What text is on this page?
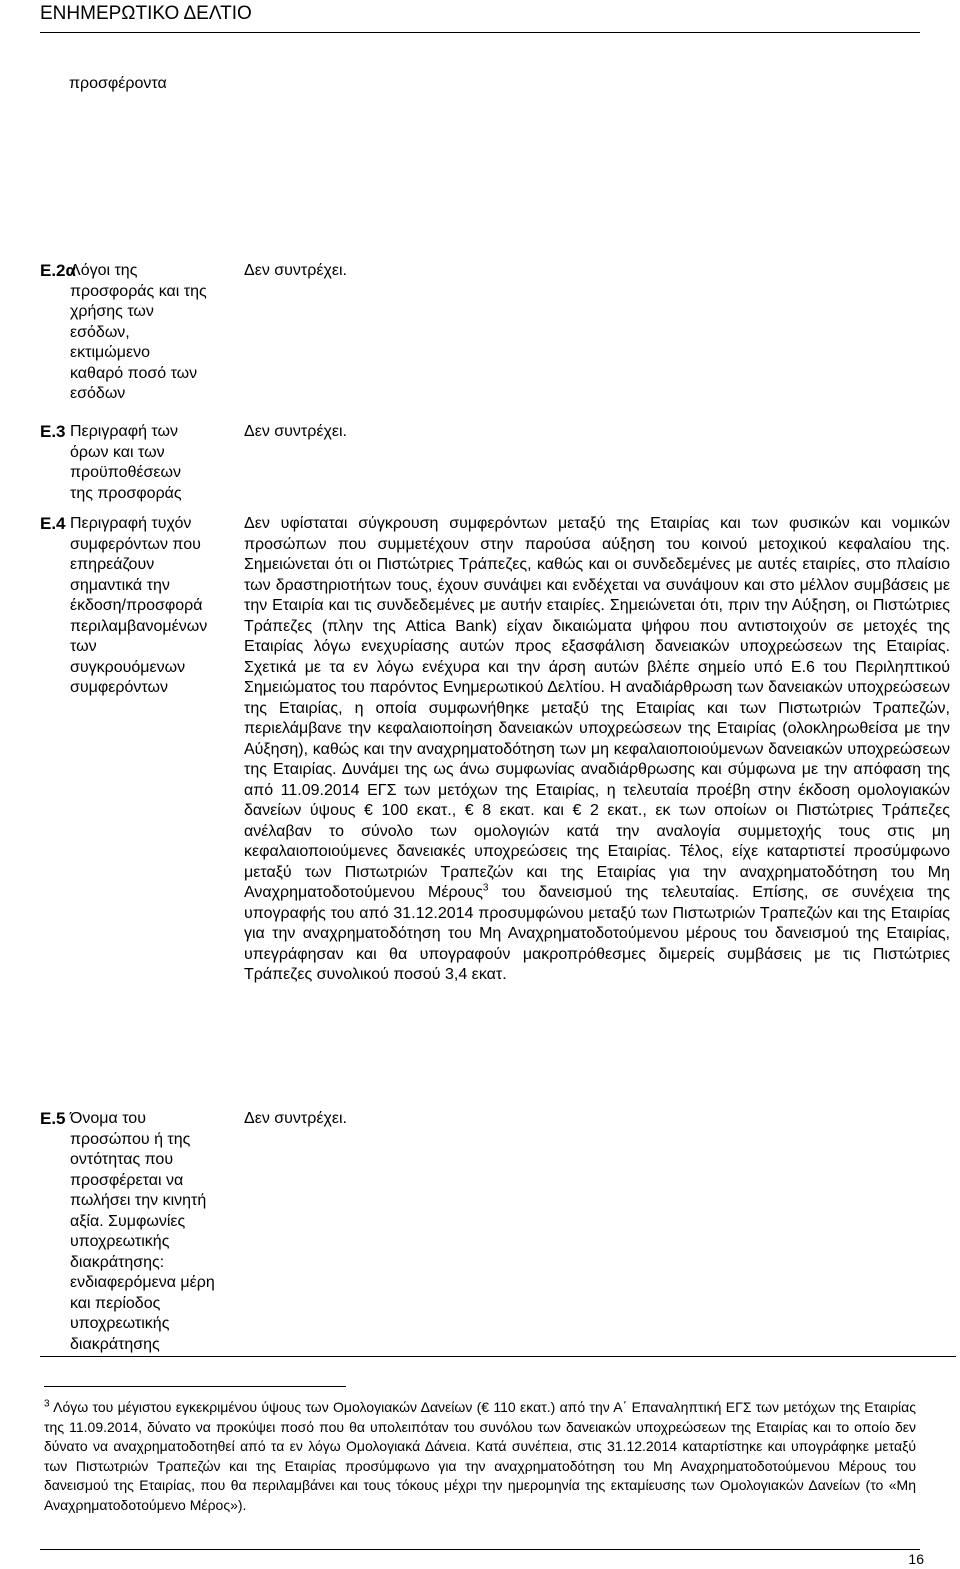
ΕΝΗΜΕΡΩΤΙΚΟ ΔΕΛΤΙΟ
προσφέροντα
E.2α
Λόγοι της
προσφοράς και της
χρήσης των
εσόδων,
εκτιμώμενο
καθαρό ποσό των
εσόδων
Δεν συντρέχει.
E.3 Περιγραφή των
όρων και των
προϋποθέσεων
της προσφοράς
Δεν συντρέχει.
E.4 Περιγραφή τυχόν
συμφερόντων που
επηρεάζουν
σημαντικά την
έκδοση/προσφορά
περιλαμβανομένων
των
συγκρουόμενων
συμφερόντων

Δεν υφίσταται σύγκρουση συμφερόντων μεταξύ της Εταιρίας και των φυσικών και νομικών προσώπων που συμμετέχουν στην παρούσα αύξηση του κοινού μετοχικού κεφαλαίου της. Σημειώνεται ότι οι Πιστώτριες Τράπεζες, καθώς και οι συνδεδεμένες με αυτές εταιρίες, στο πλαίσιο των δραστηριοτήτων τους, έχουν συνάψει και ενδέχεται να συνάψουν και στο μέλλον συμβάσεις με την Εταιρία και τις συνδεδεμένες με αυτήν εταιρίες. Σημειώνεται ότι, πριν την Αύξηση, οι Πιστώτριες Τράπεζες (πλην της Attica Bank) είχαν δικαιώματα ψήφου που αντιστοιχούν σε μετοχές της Εταιρίας λόγω ενεχυρίασης αυτών προς εξασφάλιση δανειακών υποχρεώσεων της Εταιρίας. Σχετικά με τα εν λόγω ενέχυρα και την άρση αυτών βλέπε σημείο υπό Ε.6 του Περιληπτικού Σημειώματος του παρόντος Ενημερωτικού Δελτίου. Η αναδιάρθρωση των δανειακών υποχρεώσεων της Εταιρίας, η οποία συμφωνήθηκε μεταξύ της Εταιρίας και των Πιστωτριών Τραπεζών, περιελάμβανε την κεφαλαιοποίηση δανειακών υποχρεώσεων της Εταιρίας (ολοκληρωθείσα με την Αύξηση), καθώς και την αναχρηματοδότηση των μη κεφαλαιοποιούμενων δανειακών υποχρεώσεων της Εταιρίας. Δυνάμει της ως άνω συμφωνίας αναδιάρθρωσης και σύμφωνα με την απόφαση της από 11.09.2014 ΕΓΣ των μετόχων της Εταιρίας, η τελευταία προέβη στην έκδοση ομολογιακών δανείων ύψους € 100 εκατ., € 8 εκατ. και € 2 εκατ., εκ των οποίων οι Πιστώτριες Τράπεζες ανέλαβαν το σύνολο των ομολογιών κατά την αναλογία συμμετοχής τους στις μη κεφαλαιοποιούμενες δανειακές υποχρεώσεις της Εταιρίας. Τέλος, είχε καταρτιστεί προσύμφωνο μεταξύ των Πιστωτριών Τραπεζών και της Εταιρίας για την αναχρηματοδότηση του Μη Αναχρηματοδοτούμενου Μέρους$^3$ του δανεισμού της τελευταίας. Επίσης, σε συνέχεια της υπογραφής του από 31.12.2014 προσυμφώνου μεταξύ των Πιστωτριών Τραπεζών και της Εταιρίας για την αναχρηματοδότηση του Μη Αναχρηματοδοτούμενου μέρους του δανεισμού της Εταιρίας, υπεγράφησαν και θα υπογραφούν μακροπρόθεσμες διμερείς συμβάσεις με τις Πιστώτριες Τράπεζες συνολικού ποσού 3,4 εκατ.

E.5 Όνομα του
προσώπου ή της
οντότητας που
προσφέρεται να
πωλήσει την κινητή
αξία. Συμφωνίες
υποχρεωτικής
διακράτησης:
ενδιαφερόμενα μέρη
και περίοδος
υποχρεωτικής
διακράτησης
Δεν συντρέχει.
$^3$ Λόγω του μέγιστου εγκεκριμένου ύψους των Ομολογιακών Δανείων (€ 110 εκατ.) από την Α΄ Επαναληπτική ΕΓΣ των μετόχων της Εταιρίας της 11.09.2014, δύνατο να προκύψει ποσό που θα υπολειπόταν του συνόλου των δανειακών υποχρεώσεων της Εταιρίας και το οποίο δεν δύνατο να αναχρηματοδοτηθεί από τα εν λόγω Ομολογιακά Δάνεια. Κατά συνέπεια, στις 31.12.2014 καταρτίστηκε και υπογράφηκε μεταξύ των Πιστωτριών Τραπεζών και της Εταιρίας προσύμφωνο για την αναχρηματοδότηση του Μη Αναχρηματοδοτούμενου Μέρους του δανεισμού της Εταιρίας, που θα περιλαμβάνει και τους τόκους μέχρι την ημερομηνία της εκταμίευσης των Ομολογιακών Δανείων (το «Μη Αναχρηματοδοτούμενο Μέρος»).
16
